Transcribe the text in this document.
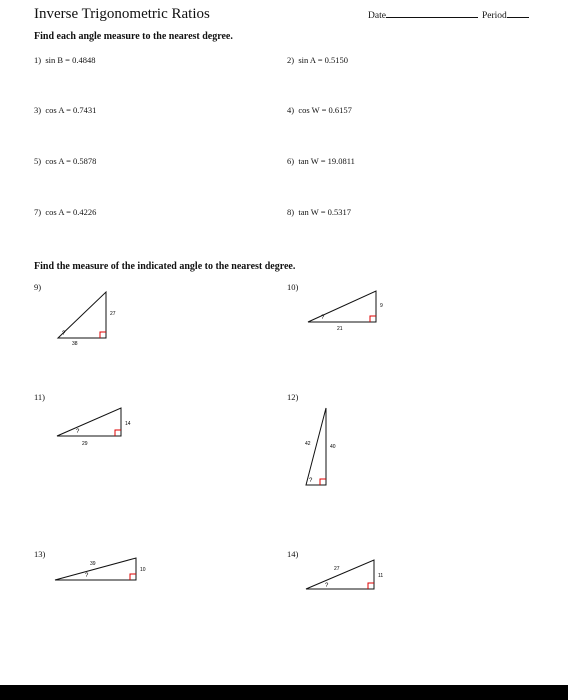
Inverse Trigonometric Ratios	Date	Period
Find each angle measure to the nearest degree.
1) sin B = 0.4848	2) sin A = 0.5150
3) cos A = 0.7431	4) cos W = 0.6157
5) cos A = 0.5878	6) tan W = 19.0811
7) cos A = 0.4226	8) tan W = 0.5317
Find the measure of the indicated angle to the nearest degree.
9)	10)
11)	12)
13)	14)
?
27
38
?
9
21
?
14
29
?
42	40
?
39
10
?
27
11
